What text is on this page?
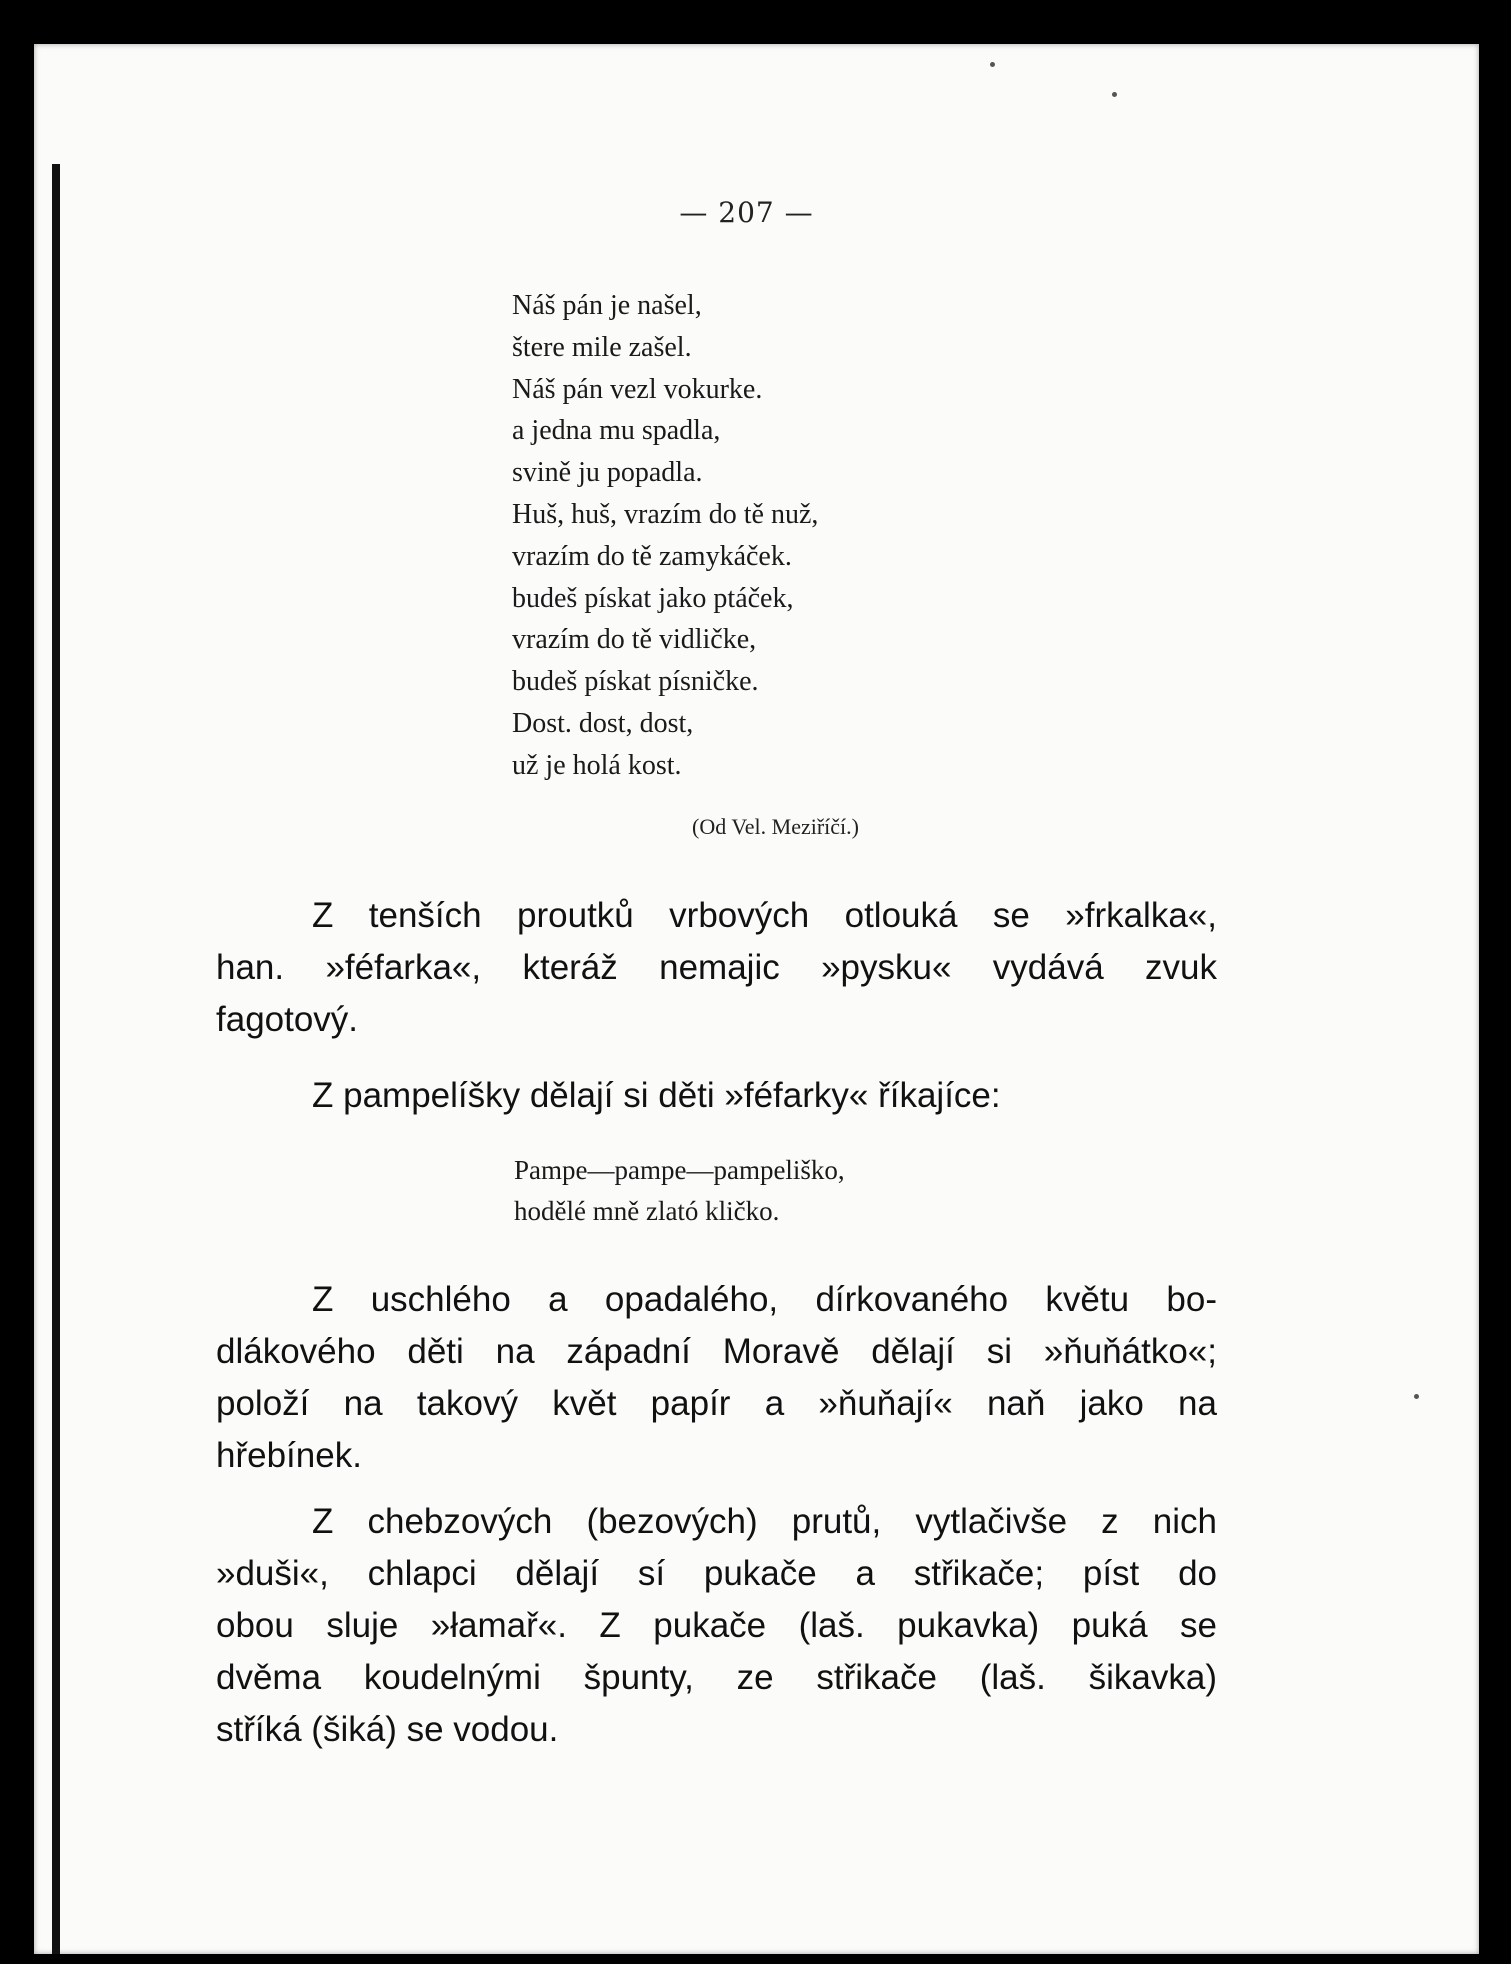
— 207 —
Náš pán je našel,
štere mile zašel.
Náš pán vezl vokurke.
a jedna mu spadla,
svině ju popadla.
Huš, huš, vrazím do tě nuž,
vrazím do tě zamykáček.
budeš pískat jako ptáček,
vrazím do tě vidličke,
budeš pískat písničke.
Dost. dost, dost,
už je holá kost.
(Od Vel. Meziříčí.)
Z tenších proutků vrbových otlouká se »frkalka«,
han. »féfarka«, kteráž nemajic »pysku« vydává zvuk
fagotový.
Z pampelíšky dělají si děti »féfarky« říkajíce:
Pampe—pampe—pampeliško,
hodělé mně zlató kličko.
Z uschlého a opadalého, dírkovaného květu bo-
dlákového děti na západní Moravě dělají si »ňuňátko«;
položí na takový květ papír a »ňuňají« naň jako na
hřebínek.
Z chebzových (bezových) prutů, vytlačivše z nich
»duši«, chlapci dělají sí pukače a střikače; píst do
obou sluje »łamař«. Z pukače (laš. pukavka) puká se
dvěma koudelnými špunty, ze střikače (laš. šikavka)
stříká (šiká) se vodou.
